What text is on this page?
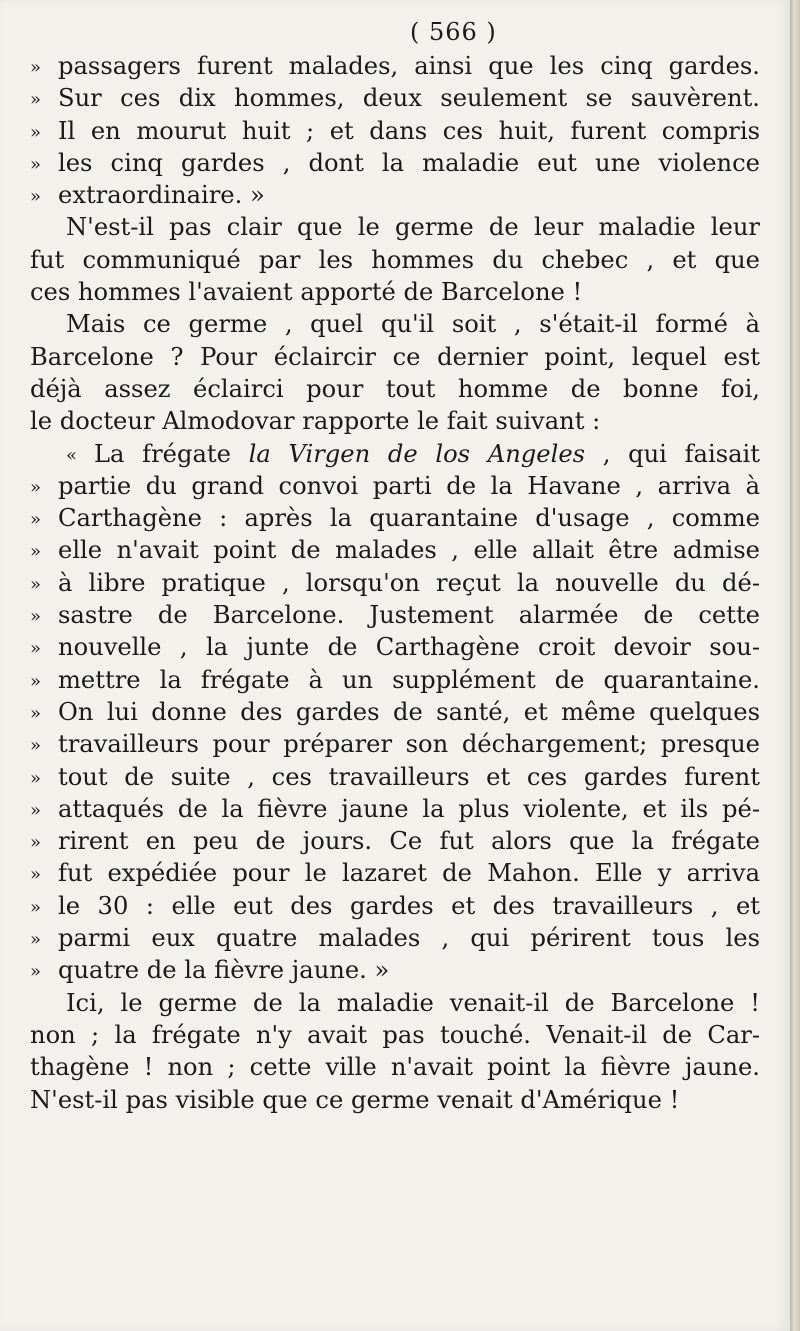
( 566 )
» passagers furent malades, ainsi que les cinq gardes.
» Sur ces dix hommes, deux seulement se sauvèrent.
» Il en mourut huit ; et dans ces huit, furent compris
» les cinq gardes , dont la maladie eut une violence
» extraordinaire. »
N'est-il pas clair que le germe de leur maladie leur
fut communiqué par les hommes du chebec , et que
ces hommes l'avaient apporté de Barcelone !
Mais ce germe , quel qu'il soit , s'était-il formé à
Barcelone ? Pour éclaircir ce dernier point, lequel est
déjà assez éclairci pour tout homme de bonne foi,
le docteur Almodovar rapporte le fait suivant :
« La frégate la Virgen de los Angeles , qui faisait
» partie du grand convoi parti de la Havane , arriva à
» Carthagène : après la quarantaine d'usage , comme
» elle n'avait point de malades , elle allait être admise
» à libre pratique , lorsqu'on reçut la nouvelle du dé-
» sastre de Barcelone. Justement alarmée de cette
» nouvelle , la junte de Carthagène croit devoir sou-
» mettre la frégate à un supplément de quarantaine.
» On lui donne des gardes de santé, et même quelques
» travailleurs pour préparer son déchargement; presque
» tout de suite , ces travailleurs et ces gardes furent
» attaqués de la fièvre jaune la plus violente, et ils pé-
» rirent en peu de jours. Ce fut alors que la frégate
» fut expédiée pour le lazaret de Mahon. Elle y arriva
» le 30 : elle eut des gardes et des travailleurs , et
» parmi eux quatre malades , qui périrent tous les
» quatre de la fièvre jaune. »
Ici, le germe de la maladie venait-il de Barcelone !
non ; la frégate n'y avait pas touché. Venait-il de Car-
thagène ! non ; cette ville n'avait point la fièvre jaune.
N'est-il pas visible que ce germe venait d'Amérique !
